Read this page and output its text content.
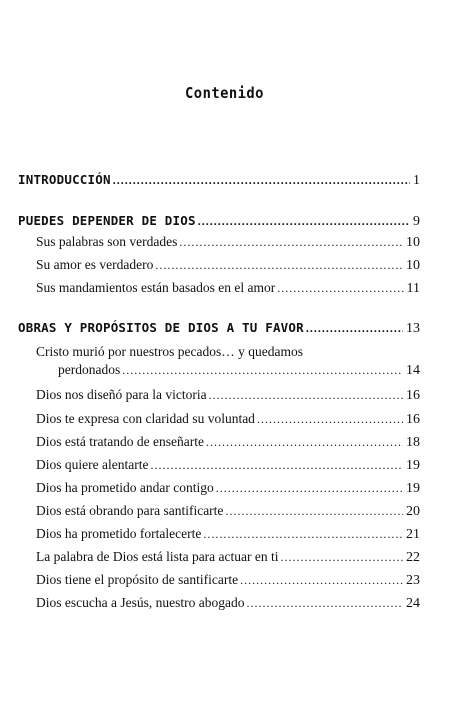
Contenido
INTRODUCCIÓN .....	1
PUEDES DEPENDER DE DIOS .....	9
Sus palabras son verdades .....	10
Su amor es verdadero .....	10
Sus mandamientos están basados en el amor .....	11
OBRAS Y PROPÓSITOS DE DIOS A TU FAVOR .....	13
Cristo murió por nuestros pecados… y quedamos
perdonados .....	14
Dios nos diseñó para la victoria .....	16
Dios te expresa con claridad su voluntad .....	16
Dios está tratando de enseñarte .....	18
Dios quiere alentarte .....	19
Dios ha prometido andar contigo .....	19
Dios está obrando para santificarte .....	20
Dios ha prometido fortalecerte .....	21
La palabra de Dios está lista para actuar en ti .....	22
Dios tiene el propósito de santificarte .....	23
Dios escucha a Jesús, nuestro abogado .....	24
